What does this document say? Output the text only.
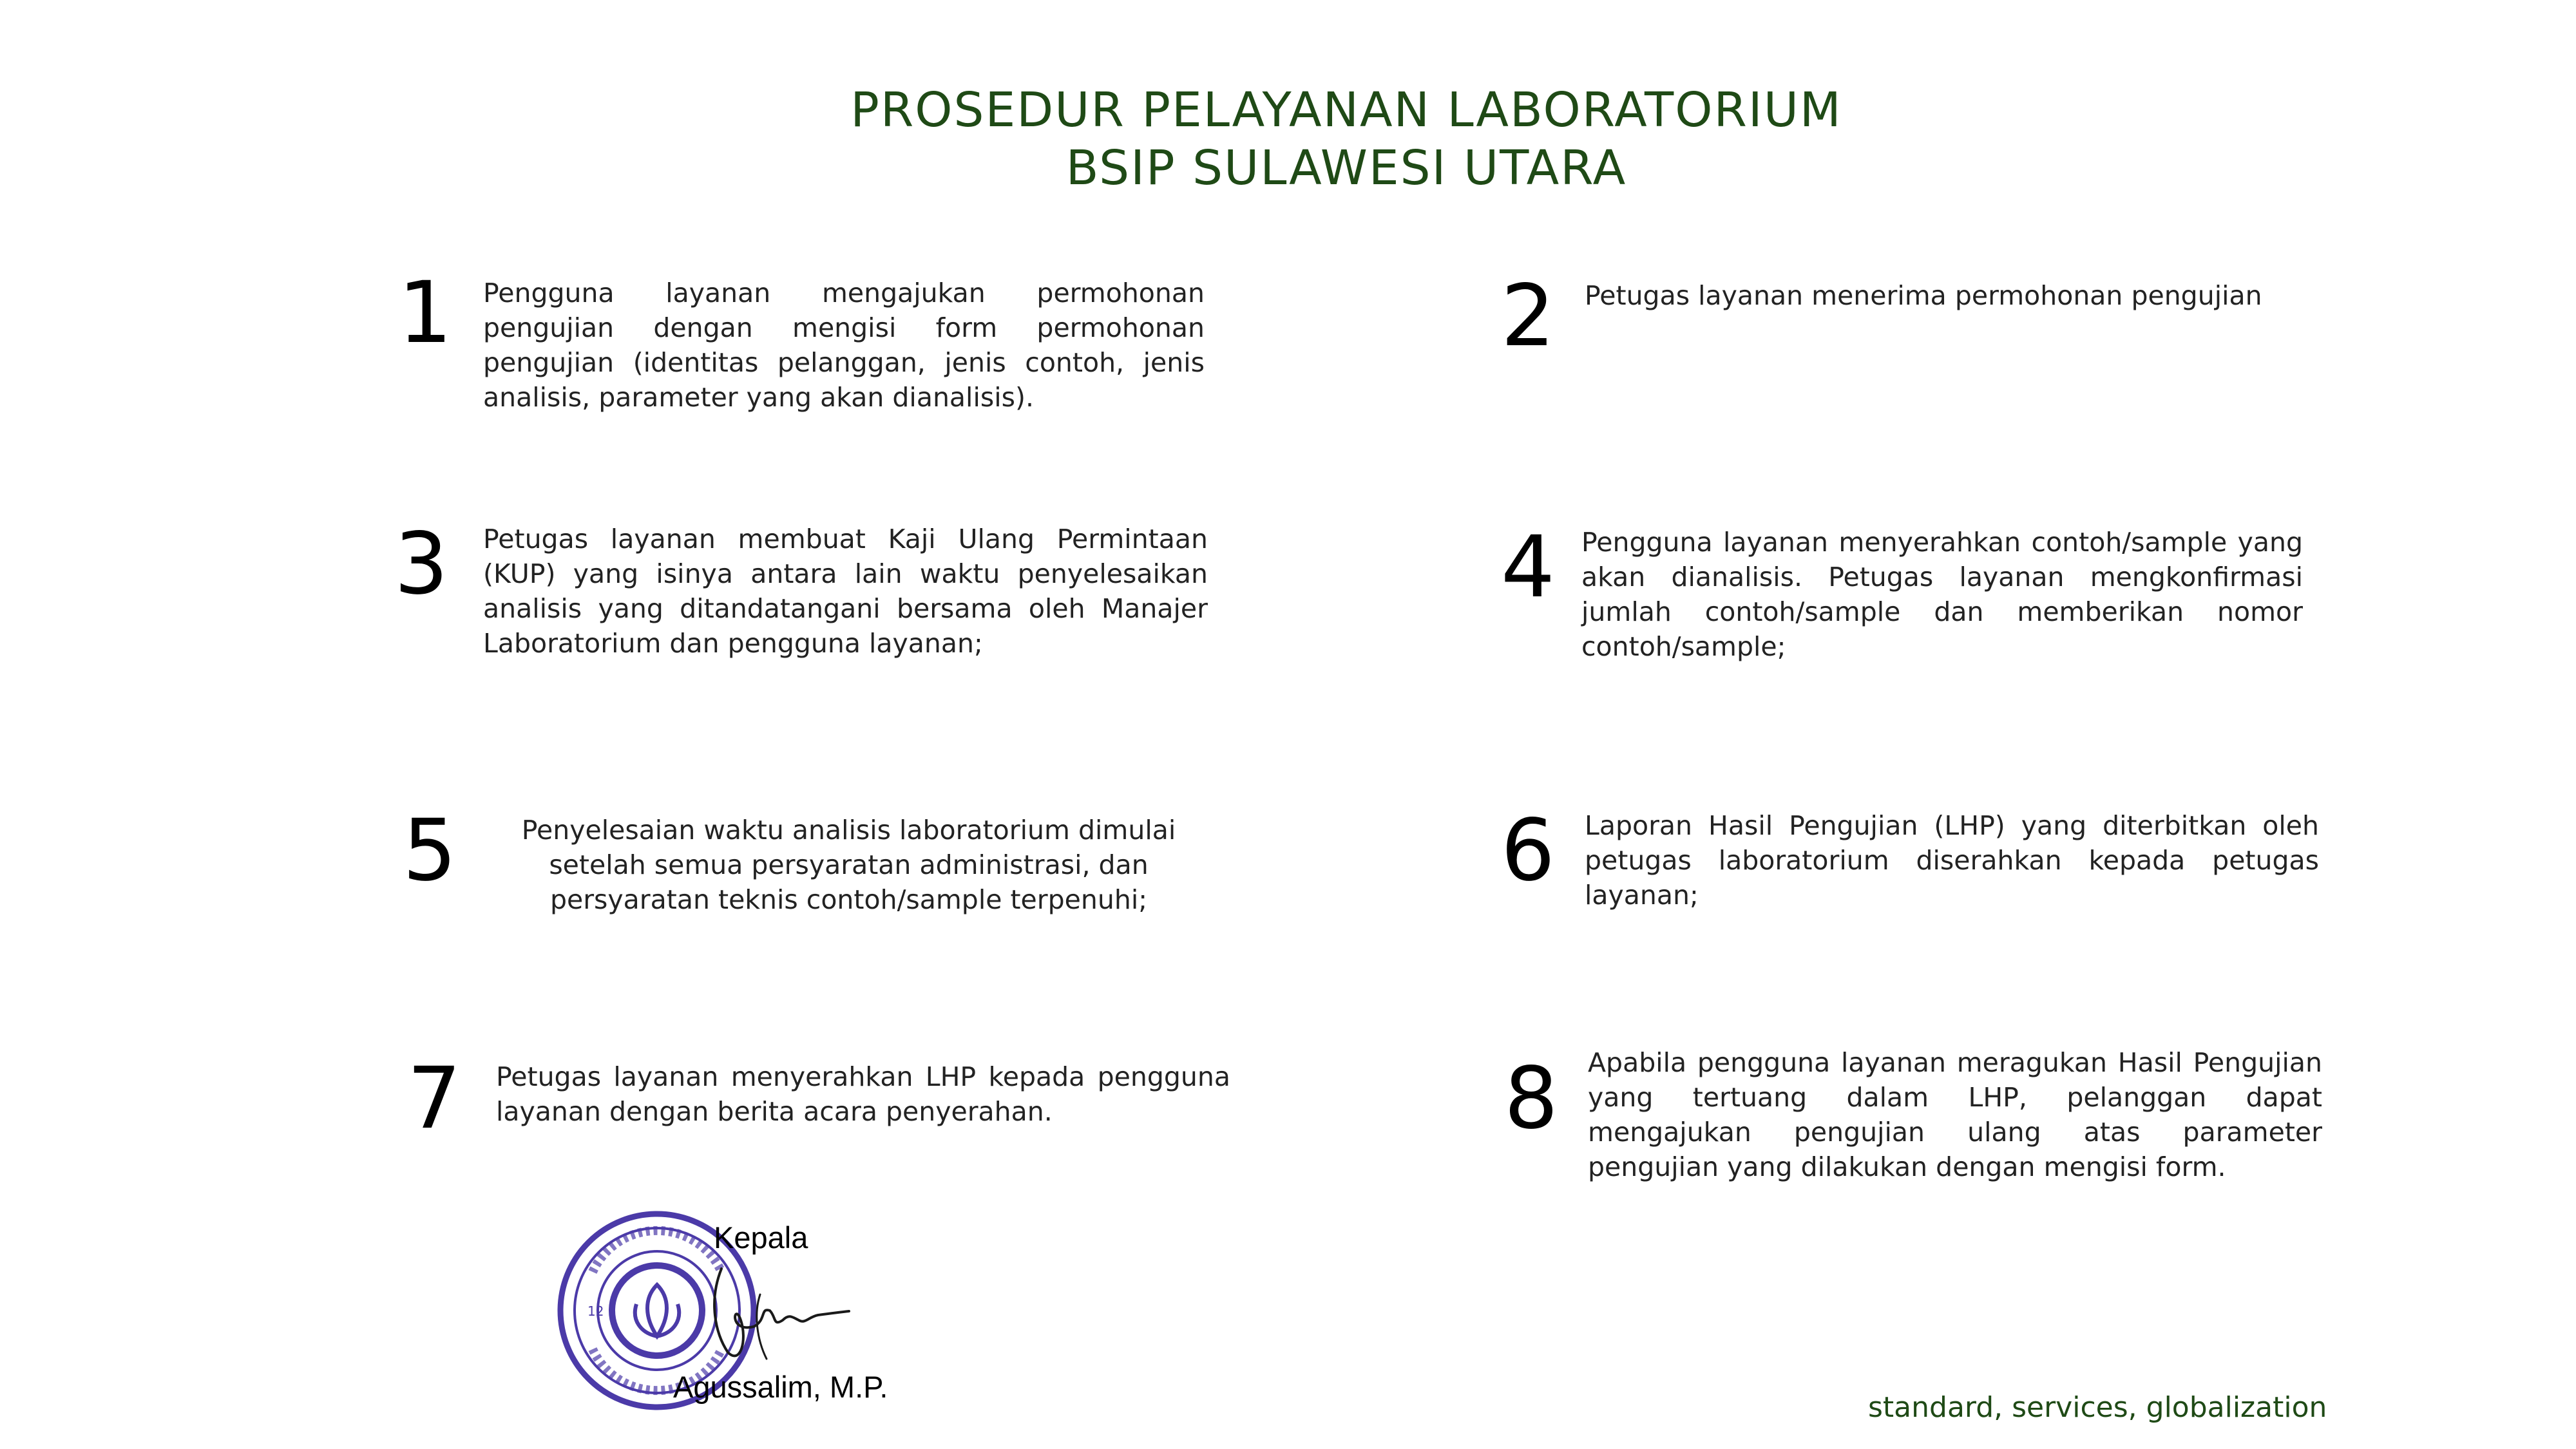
PROSEDUR PELAYANAN LABORATORIUM
BSIP SULAWESI UTARA
1 Pengguna layanan mengajukan permohonan pengujian dengan mengisi form permohonan pengujian (identitas pelanggan, jenis contoh, jenis analisis, parameter yang akan dianalisis).
2 Petugas layanan menerima permohonan pengujian
3 Petugas layanan membuat Kaji Ulang Permintaan (KUP) yang isinya antara lain waktu penyelesaikan analisis yang ditandatangani bersama oleh Manajer Laboratorium dan pengguna layanan;
4 Pengguna layanan menyerahkan contoh/sample yang akan dianalisis. Petugas layanan mengkonfirmasi jumlah contoh/sample dan memberikan nomor contoh/sample;
5	Penyelesaian waktu analisis laboratorium dimulai setelah semua persyaratan administrasi, dan persyaratan teknis contoh/sample terpenuhi;	6 Laporan Hasil Pengujian (LHP) yang diterbitkan oleh petugas laboratorium diserahkan kepada petugas layanan;
7 Petugas layanan menyerahkan LHP kepada pengguna layanan dengan berita acara penyerahan.	8 Apabila pengguna layanan meragukan Hasil Pengujian yang tertuang dalam LHP, pelanggan dapat mengajukan pengujian ulang atas parameter pengujian yang dilakukan dengan mengisi form.
12
Kepala
Agussalim, M.P.
standard, services, globalization
